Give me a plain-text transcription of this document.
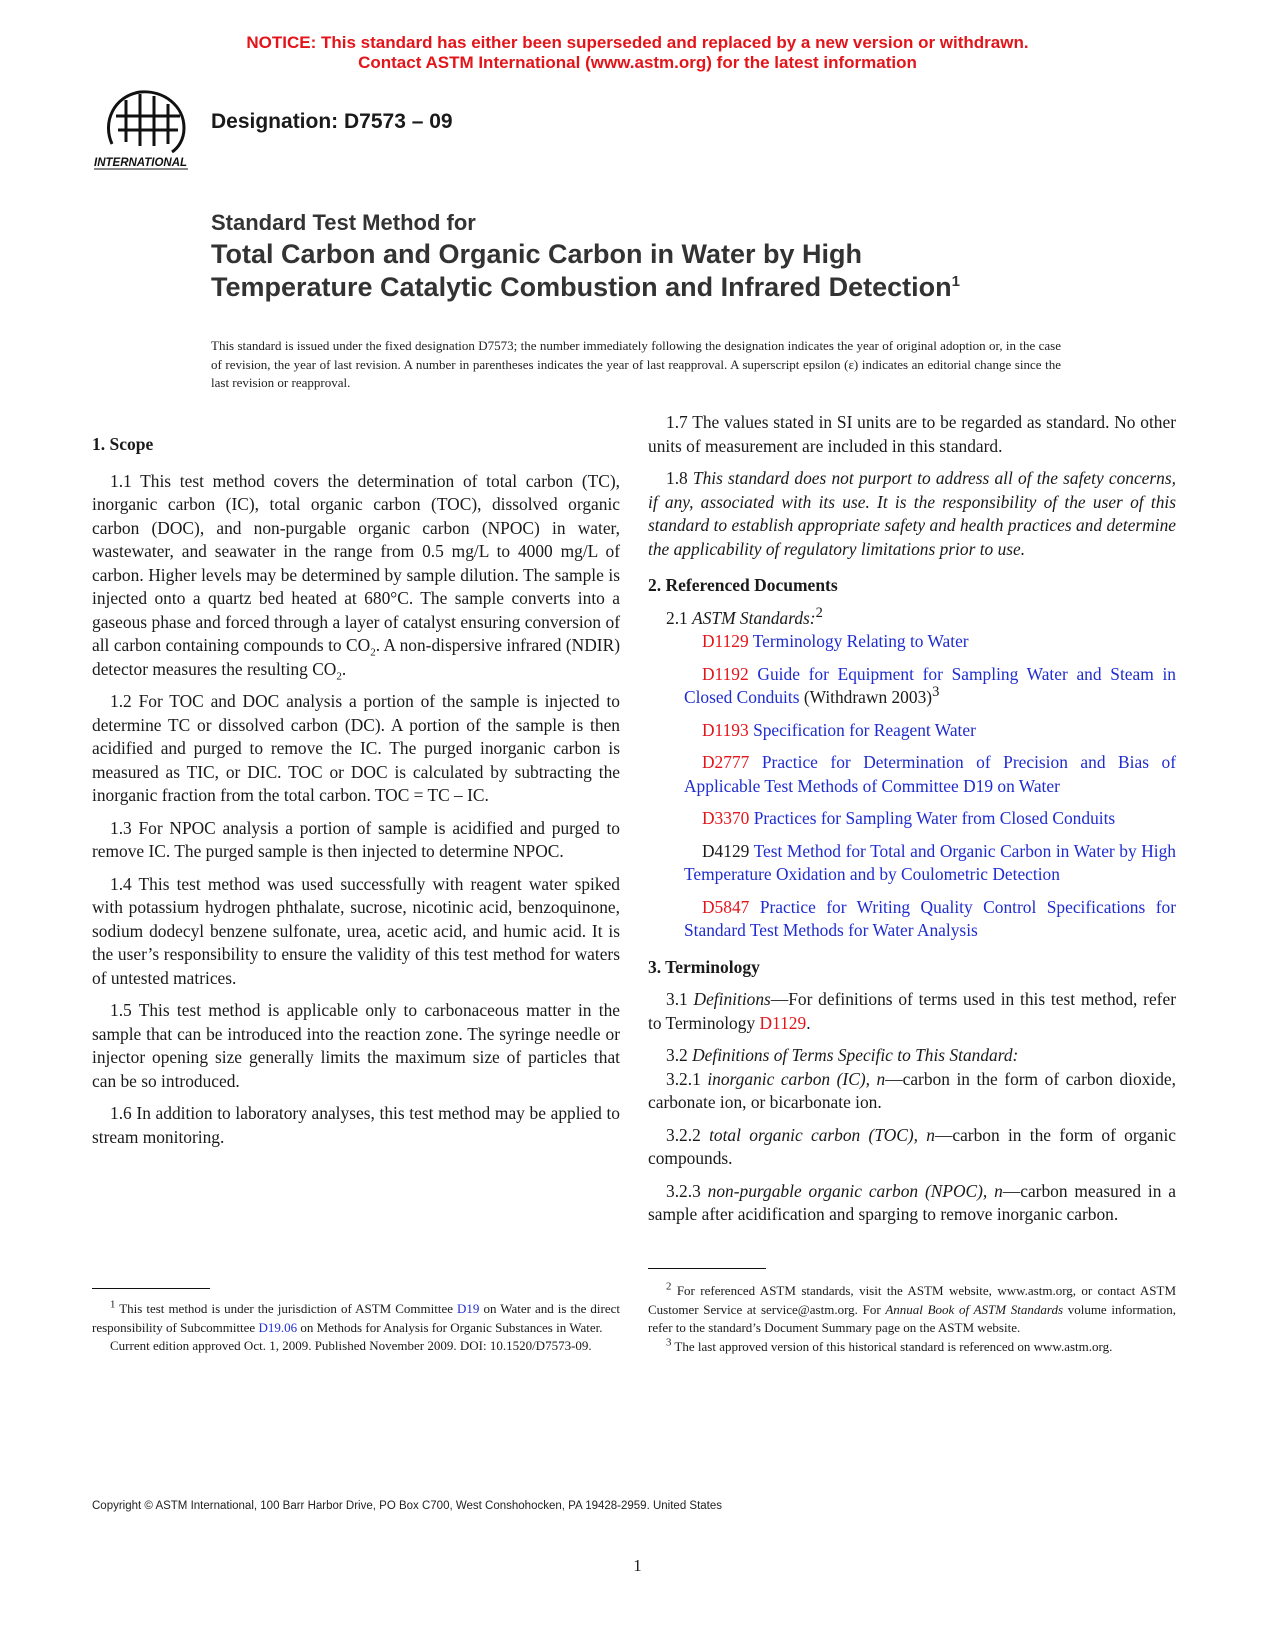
NOTICE: This standard has either been superseded and replaced by a new version or withdrawn.
Contact ASTM International (www.astm.org) for the latest information
INTERNATIONAL
Designation: D7573 – 09
Standard Test Method for
Total Carbon and Organic Carbon in Water by High
Temperature Catalytic Combustion and Infrared Detection$^1$
This standard is issued under the fixed designation D7573; the number immediately following the designation indicates the year of original adoption or, in the case of revision, the year of last revision. A number in parentheses indicates the year of last reapproval. A superscript epsilon (ε) indicates an editorial change since the last revision or reapproval.
1. Scope

1.1 This test method covers the determination of total carbon (TC), inorganic carbon (IC), total organic carbon (TOC), dissolved organic carbon (DOC), and non-purgable organic carbon (NPOC) in water, wastewater, and seawater in the range from 0.5 mg/L to 4000 mg/L of carbon. Higher levels may be determined by sample dilution. The sample is injected onto a quartz bed heated at 680°C. The sample converts into a gaseous phase and forced through a layer of catalyst ensuring conversion of all carbon containing compounds to $CO_2$. A non-dispersive infrared (NDIR) detector measures the resulting $CO_2$.

1.2 For TOC and DOC analysis a portion of the sample is injected to determine TC or dissolved carbon (DC). A portion of the sample is then acidified and purged to remove the IC. The purged inorganic carbon is measured as TIC, or DIC. TOC or DOC is calculated by subtracting the inorganic fraction from the total carbon. TOC = TC – IC.

1.3 For NPOC analysis a portion of sample is acidified and purged to remove IC. The purged sample is then injected to determine NPOC.

1.4 This test method was used successfully with reagent water spiked with potassium hydrogen phthalate, sucrose, nicotinic acid, benzoquinone, sodium dodecyl benzene sulfonate, urea, acetic acid, and humic acid. It is the user’s responsibility to ensure the validity of this test method for waters of untested matrices.

1.5 This test method is applicable only to carbonaceous matter in the sample that can be introduced into the reaction zone. The syringe needle or injector opening size generally limits the maximum size of particles that can be so introduced.

1.6 In addition to laboratory analyses, this test method may be applied to stream monitoring.

1.7 The values stated in SI units are to be regarded as standard. No other units of measurement are included in this standard.

1.8 This standard does not purport to address all of the safety concerns, if any, associated with its use. It is the responsibility of the user of this standard to establish appropriate safety and health practices and determine the applicability of regulatory limitations prior to use.

2. Referenced Documents

2.1 ASTM Standards:$^2$

D1129 Terminology Relating to Water

D1192 Guide for Equipment for Sampling Water and Steam in Closed Conduits (Withdrawn 2003)$^3$

D1193 Specification for Reagent Water

D2777 Practice for Determination of Precision and Bias of Applicable Test Methods of Committee D19 on Water

D3370 Practices for Sampling Water from Closed Conduits

D4129 Test Method for Total and Organic Carbon in Water by High Temperature Oxidation and by Coulometric Detection

D5847 Practice for Writing Quality Control Specifications for Standard Test Methods for Water Analysis

3. Terminology

3.1 Definitions—For definitions of terms used in this test method, refer to Terminology D1129.

3.2 Definitions of Terms Specific to This Standard:

3.2.1 inorganic carbon (IC), n—carbon in the form of carbon dioxide, carbonate ion, or bicarbonate ion.

3.2.2 total organic carbon (TOC), n—carbon in the form of organic compounds.

3.2.3 non-purgable organic carbon (NPOC), n—carbon measured in a sample after acidification and sparging to remove inorganic carbon.

$^1$ This test method is under the jurisdiction of ASTM Committee D19 on Water and is the direct responsibility of Subcommittee D19.06 on Methods for Analysis for Organic Substances in Water.

Current edition approved Oct. 1, 2009. Published November 2009. DOI: 10.1520/D7573-09.

$^2$ For referenced ASTM standards, visit the ASTM website, www.astm.org, or contact ASTM Customer Service at service@astm.org. For Annual Book of ASTM Standards volume information, refer to the standard’s Document Summary page on the ASTM website.

$^3$ The last approved version of this historical standard is referenced on www.astm.org.

Copyright © ASTM International, 100 Barr Harbor Drive, PO Box C700, West Conshohocken, PA 19428-2959. United States
1
